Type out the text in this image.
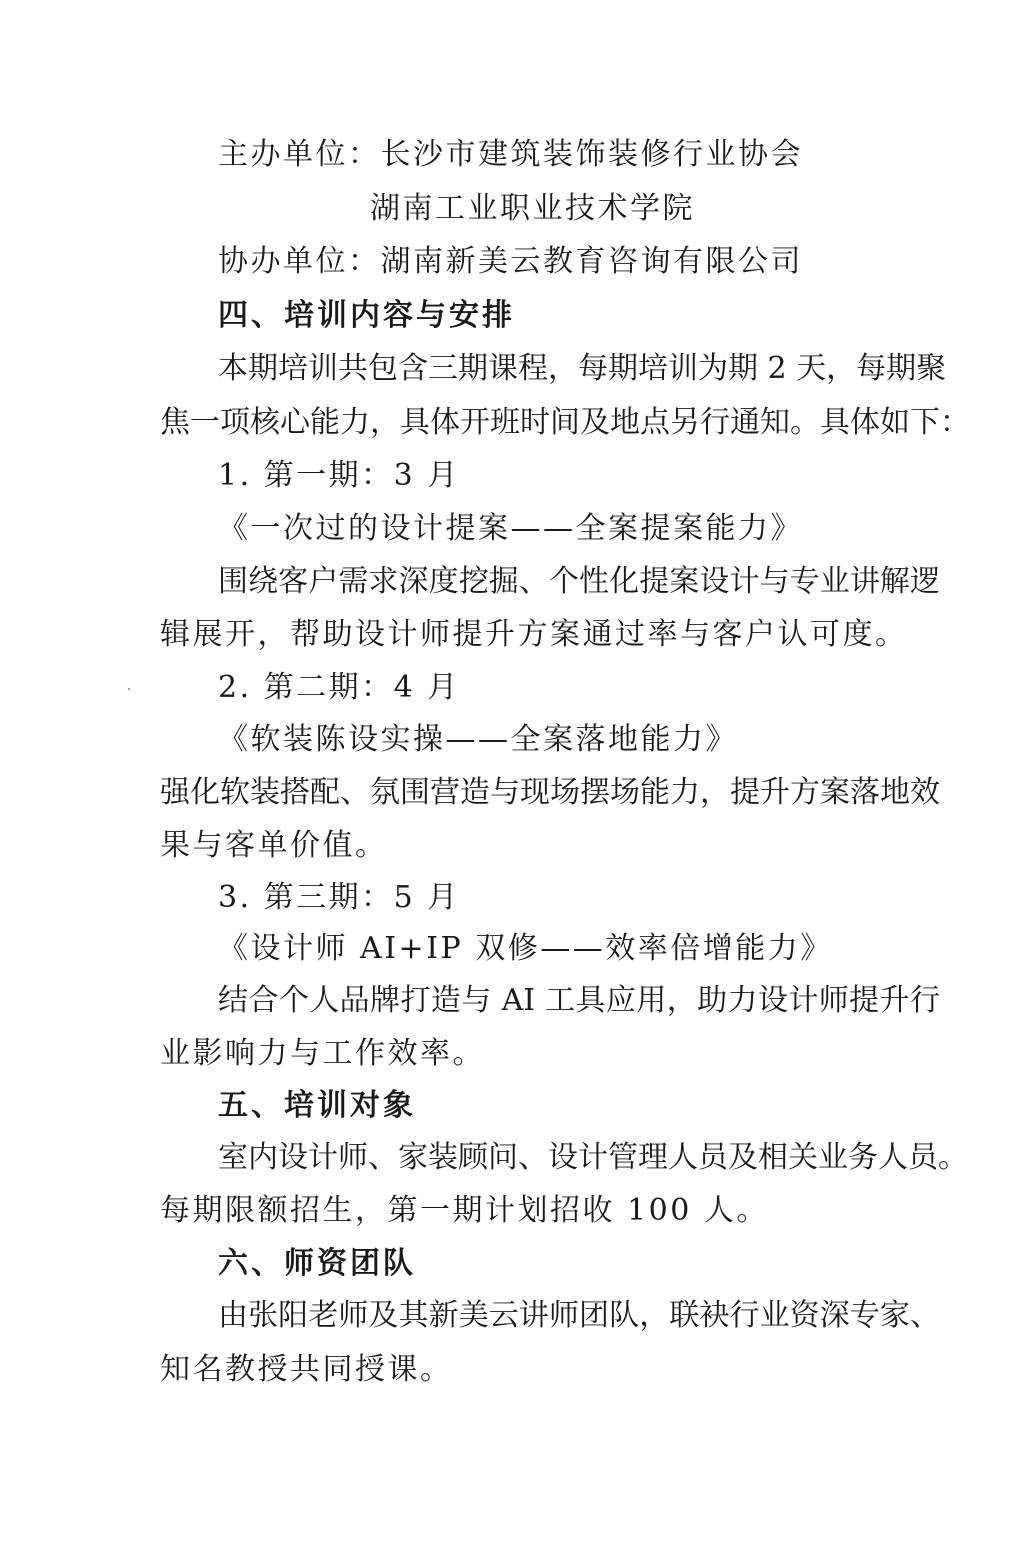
主办单位：长沙市建筑装饰装修行业协会
湖南工业职业技术学院
协办单位：湖南新美云教育咨询有限公司
四、培训内容与安排
本期培训共包含三期课程，每期培训为期 2 天，每期聚
焦一项核心能力，具体开班时间及地点另行通知。具体如下：
1. 第一期：3 月
《一次过的设计提案——全案提案能力》
围绕客户需求深度挖掘、个性化提案设计与专业讲解逻
辑展开，帮助设计师提升方案通过率与客户认可度。
2. 第二期：4 月
《软装陈设实操——全案落地能力》
强化软装搭配、氛围营造与现场摆场能力，提升方案落地效
果与客单价值。
3. 第三期：5 月
《设计师 AI+IP 双修——效率倍增能力》
结合个人品牌打造与 AI 工具应用，助力设计师提升行
业影响力与工作效率。
五、培训对象
室内设计师、家装顾问、设计管理人员及相关业务人员。
每期限额招生，第一期计划招收 100 人。
六、师资团队
由张阳老师及其新美云讲师团队，联袂行业资深专家、
知名教授共同授课。
